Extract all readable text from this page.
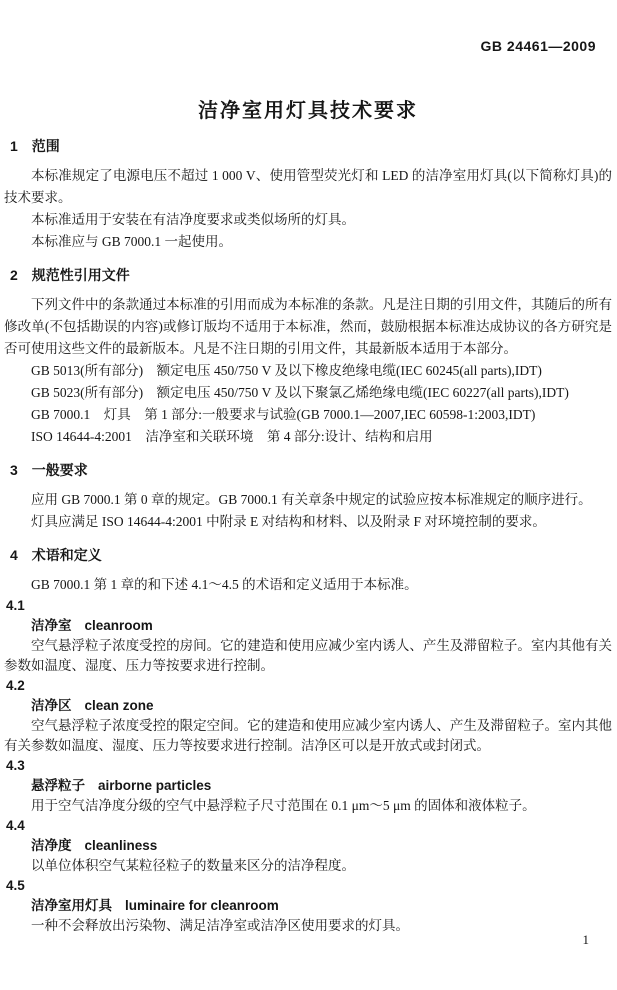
GB 24461—2009
洁净室用灯具技术要求
1 范围

本标准规定了电源电压不超过 1 000 V、使用管型荧光灯和 LED 的洁净室用灯具(以下简称灯具)的技术要求。

本标准适用于安装在有洁净度要求或类似场所的灯具。

本标准应与 GB 7000.1 一起使用。

2 规范性引用文件

下列文件中的条款通过本标准的引用而成为本标准的条款。凡是注日期的引用文件，其随后的所有修改单(不包括勘误的内容)或修订版均不适用于本标准，然而，鼓励根据本标准达成协议的各方研究是否可使用这些文件的最新版本。凡是不注日期的引用文件，其最新版本适用于本部分。

GB 5013(所有部分)　额定电压 450/750 V 及以下橡皮绝缘电缆(IEC 60245(all parts),IDT)

GB 5023(所有部分)　额定电压 450/750 V 及以下聚氯乙烯绝缘电缆(IEC 60227(all parts),IDT)

GB 7000.1　灯具　第 1 部分:一般要求与试验(GB 7000.1—2007,IEC 60598-1:2003,IDT)

ISO 14644-4:2001　洁净室和关联环境　第 4 部分:设计、结构和启用

3 一般要求

应用 GB 7000.1 第 0 章的规定。GB 7000.1 有关章条中规定的试验应按本标准规定的顺序进行。

灯具应满足 ISO 14644-4:2001 中附录 E 对结构和材料、以及附录 F 对环境控制的要求。

4 术语和定义

GB 7000.1 第 1 章的和下述 4.1～4.5 的术语和定义适用于本标准。

4.1
洁净室 cleanroom

空气悬浮粒子浓度受控的房间。它的建造和使用应减少室内诱人、产生及滞留粒子。室内其他有关参数如温度、湿度、压力等按要求进行控制。

4.2
洁净区 clean zone

空气悬浮粒子浓度受控的限定空间。它的建造和使用应减少室内诱人、产生及滞留粒子。室内其他有关参数如温度、湿度、压力等按要求进行控制。洁净区可以是开放式或封闭式。

4.3
悬浮粒子 airborne particles

用于空气洁净度分级的空气中悬浮粒子尺寸范围在 0.1 μm～5 μm 的固体和液体粒子。

4.4
洁净度 cleanliness

以单位体积空气某粒径粒子的数量来区分的洁净程度。

4.5
洁净室用灯具 luminaire for cleanroom

一种不会释放出污染物、满足洁净室或洁净区使用要求的灯具。

1
